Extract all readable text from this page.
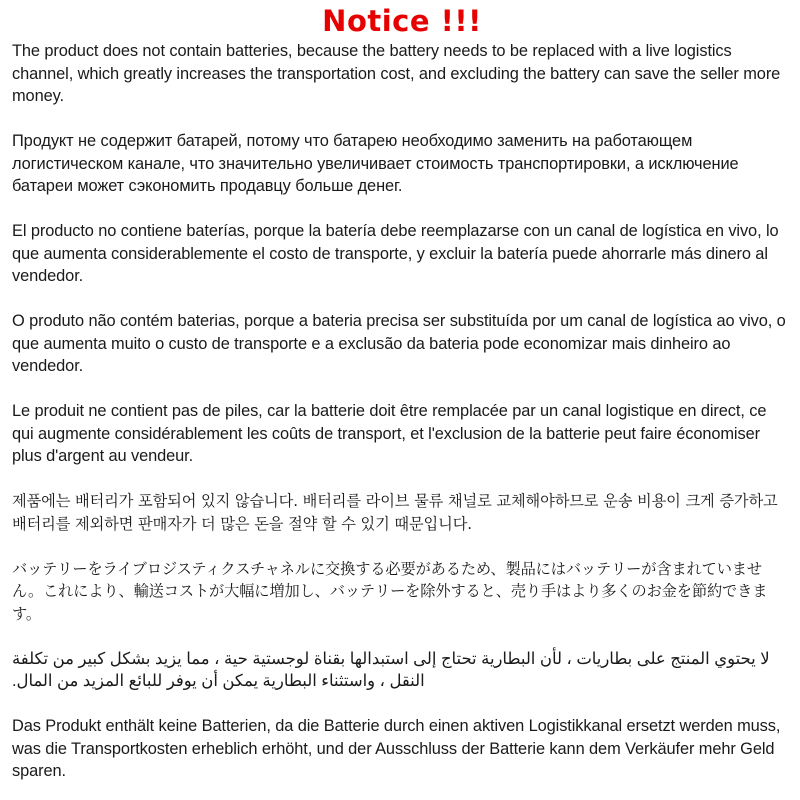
Notice !!!

The product does not contain batteries, because the battery needs to be replaced with a live logistics channel, which greatly increases the transportation cost, and excluding the battery can save the seller more money.

Продукт не содержит батарей, потому что батарею необходимо заменить на работающем логистическом канале, что значительно увеличивает стоимость транспортировки, а исключение батареи может сэкономить продавцу больше денег.

El producto no contiene baterías, porque la batería debe reemplazarse con un canal de logística en vivo, lo que aumenta considerablemente el costo de transporte, y excluir la batería puede ahorrarle más dinero al vendedor.

O produto não contém baterias, porque a bateria precisa ser substituída por um canal de logística ao vivo, o que aumenta muito o custo de transporte e a exclusão da bateria pode economizar mais dinheiro ao vendedor.

Le produit ne contient pas de piles, car la batterie doit être remplacée par un canal logistique en direct, ce qui augmente considérablement les coûts de transport, et l'exclusion de la batterie peut faire économiser plus d'argent au vendeur.

제품에는 배터리가 포함되어 있지 않습니다. 배터리를 라이브 물류 채널로 교체해야하므로 운송 비용이 크게 증가하고 배터리를 제외하면 판매자가 더 많은 돈을 절약 할 수 있기 때문입니다.

バッテリーをライブロジスティクスチャネルに交換する必要があるため、製品にはバッテリーが含まれていません。これにより、輸送コストが大幅に増加し、バッテリーを除外すると、売り手はより多くのお金を節約できます。

لا يحتوي المنتج على بطاريات ، لأن البطارية تحتاج إلى استبدالها بقناة لوجستية حية ، مما يزيد بشكل كبير من تكلفة النقل ، واستثناء البطارية يمكن أن يوفر للبائع المزيد من المال.

Das Produkt enthält keine Batterien, da die Batterie durch einen aktiven Logistikkanal ersetzt werden muss, was die Transportkosten erheblich erhöht, und der Ausschluss der Batterie kann dem Verkäufer mehr Geld sparen.
